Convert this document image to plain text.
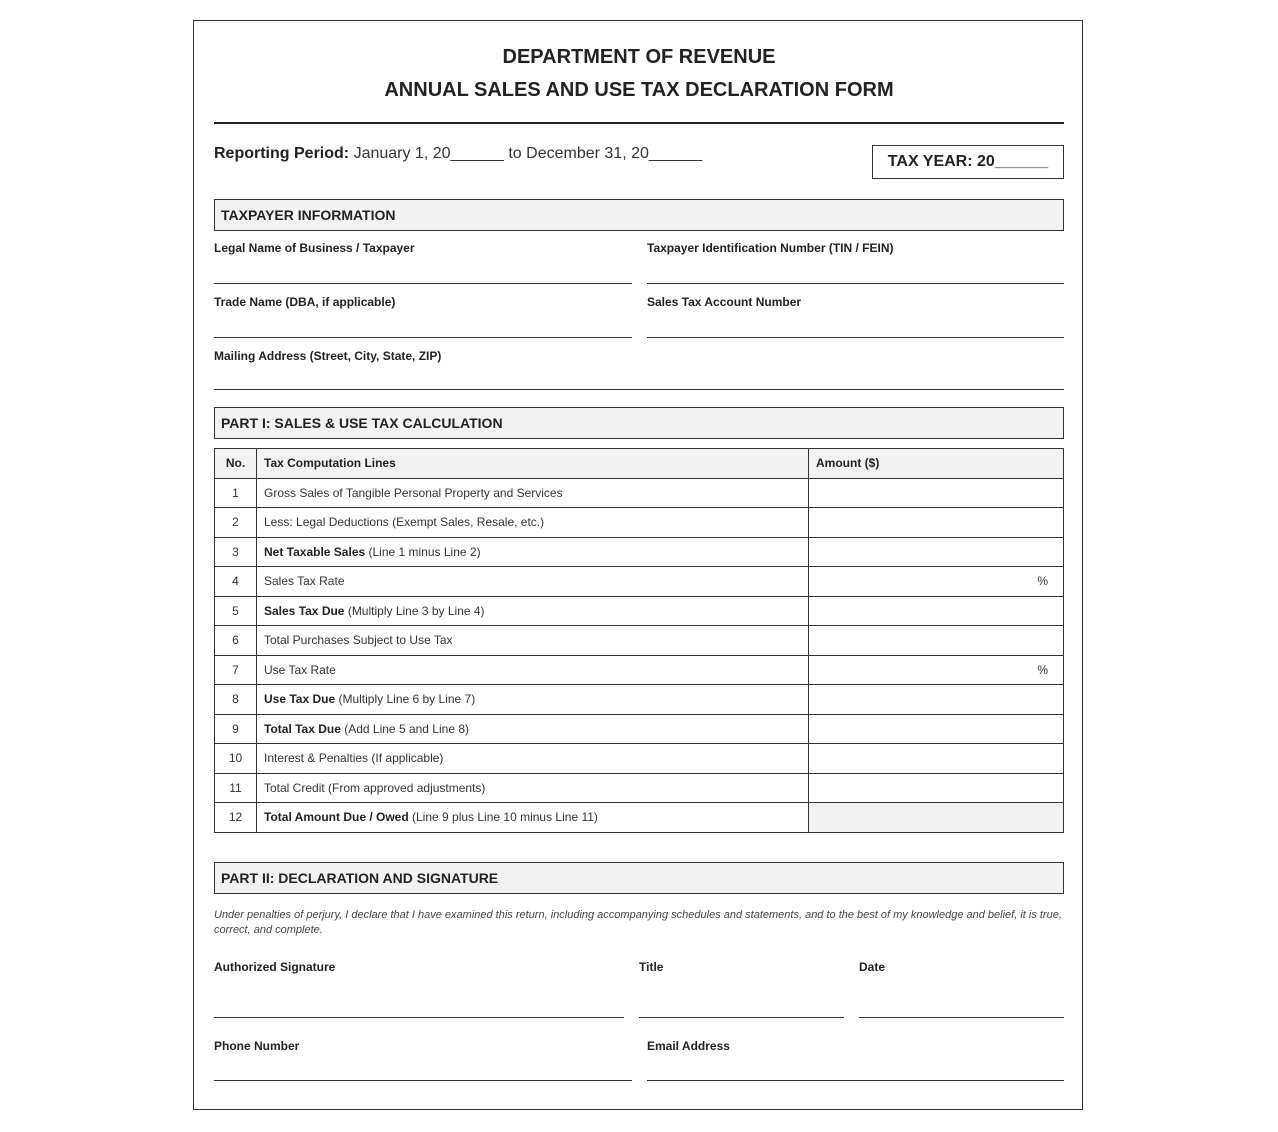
DEPARTMENT OF REVENUE
ANNUAL SALES AND USE TAX DECLARATION FORM
Reporting Period: January 1, 20______ to December 31, 20______	TAX YEAR: 20______
TAXPAYER INFORMATION
Legal Name of Business / Taxpayer	Taxpayer Identification Number (TIN / FEIN)
Trade Name (DBA, if applicable)	Sales Tax Account Number
Mailing Address (Street, City, State, ZIP)
PART I: SALES & USE TAX CALCULATION
No.	Tax Computation Lines	Amount ($)
1	Gross Sales of Tangible Personal Property and Services	
2	Less: Legal Deductions (Exempt Sales, Resale, etc.)	
3	Net Taxable Sales (Line 1 minus Line 2)	
4	Sales Tax Rate	%
5	Sales Tax Due (Multiply Line 3 by Line 4)	
6	Total Purchases Subject to Use Tax	
7	Use Tax Rate	%
8	Use Tax Due (Multiply Line 6 by Line 7)	
9	Total Tax Due (Add Line 5 and Line 8)	
10	Interest & Penalties (If applicable)	
11	Total Credit (From approved adjustments)	
12	Total Amount Due / Owed (Line 9 plus Line 10 minus Line 11)	
PART II: DECLARATION AND SIGNATURE
Under penalties of perjury, I declare that I have examined this return, including accompanying schedules and statements, and to the best of my knowledge and belief, it is true, correct, and complete.
Authorized Signature	Title	Date
Phone Number	Email Address
